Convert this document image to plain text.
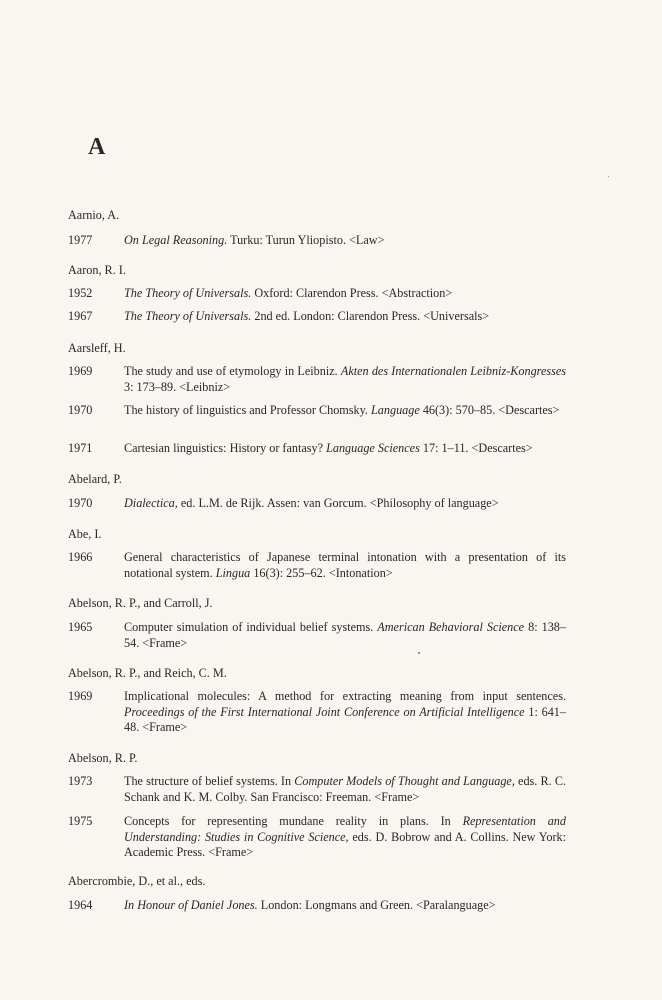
A
Aarnio, A.
1977	On Legal Reasoning. Turku: Turun Yliopisto. <Law>
Aaron, R. I.
1952	The Theory of Universals. Oxford: Clarendon Press. <Abstraction>
1967	The Theory of Universals. 2nd ed. London: Clarendon Press. <Universals>
Aarsleff, H.
1969	The study and use of etymology in Leibniz. Akten des Internationalen Leibniz-Kongresses 3: 173–89. <Leibniz>
1970	The history of linguistics and Professor Chomsky. Language 46(3): 570–85. <Descartes>
1971	Cartesian linguistics: History or fantasy? Language Sciences 17: 1–11. <Descartes>
Abelard, P.
1970	Dialectica, ed. L.M. de Rijk. Assen: van Gorcum. <Philosophy of language>
Abe, I.
1966	General characteristics of Japanese terminal intonation with a presentation of its notational system. Lingua 16(3): 255–62. <Intonation>
Abelson, R. P., and Carroll, J.
1965	Computer simulation of individual belief systems. American Behavioral Science 8: 138–54. <Frame>
Abelson, R. P., and Reich, C. M.
1969	Implicational molecules: A method for extracting meaning from input sentences. Proceedings of the First International Joint Conference on Artificial Intelligence 1: 641–48. <Frame>
Abelson, R. P.
1973	The structure of belief systems. In Computer Models of Thought and Language, eds. R. C. Schank and K. M. Colby. San Francisco: Freeman. <Frame>
1975	Concepts for representing mundane reality in plans. In Representation and Understanding: Studies in Cognitive Science, eds. D. Bobrow and A. Collins. New York: Academic Press. <Frame>
Abercrombie, D., et al., eds.
1964	In Honour of Daniel Jones. London: Longmans and Green. <Paralanguage>
